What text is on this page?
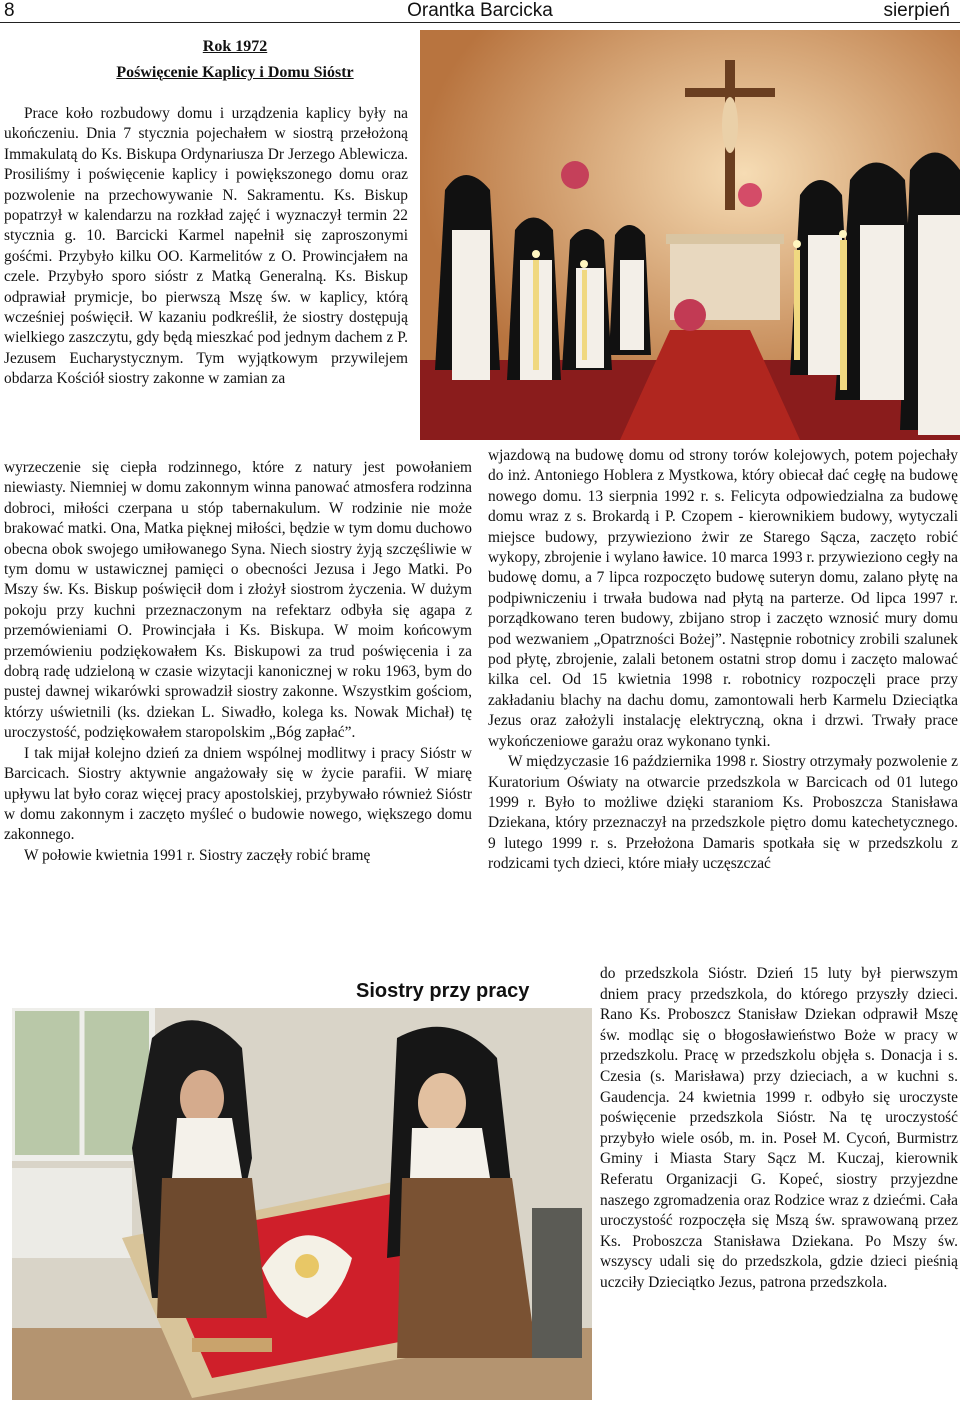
8	Orantka Barcicka	sierpień
Rok 1972
Poświęcenie Kaplicy i Domu Sióstr

Prace koło rozbudowy domu i urządzenia kaplicy były na ukończeniu. Dnia 7 stycznia pojechałem w siostrą przełożoną Immakulatą do Ks. Biskupa Ordynariusza Dr Jerzego Ablewicza. Prosiliśmy i poświęcenie kaplicy i powiększonego domu oraz pozwolenie na przechowywanie N. Sakramentu. Ks. Biskup popatrzył w kalendarzu na rozkład zajęć i wyznaczył termin 22 stycznia g. 10. Barcicki Karmel napełnił się zaproszonymi gośćmi. Przybyło kilku OO. Karmelitów z O. Prowincjałem na czele. Przybyło sporo sióstr z Matką Generalną. Ks. Biskup odprawiał prymicje, bo pierwszą Mszę św. w kaplicy, którą wcześniej poświęcił. W kazaniu podkreślił, że siostry dostępują wielkiego zaszczytu, gdy będą mieszkać pod jednym dachem z P. Jezusem Eucharystycznym. Tym wyjątkowym przywilejem obdarza Kościół siostry zakonne w zamian za

wyrzeczenie się ciepła rodzinnego, które z natury jest powołaniem niewiasty. Niemniej w domu zakonnym winna panować atmosfera rodzinna dobroci, miłości czerpana u stóp tabernakulum. W rodzinie nie może brakować matki. Ona, Matka pięknej miłości, będzie w tym domu duchowo obecna obok swojego umiłowanego Syna. Niech siostry żyją szczęśliwie w tym domu w ustawicznej pamięci o obecności Jezusa i Jego Matki. Po Mszy św. Ks. Biskup poświęcił dom i złożył siostrom życzenia. W dużym pokoju przy kuchni przeznaczonym na refektarz odbyła się agapa z przemówieniami O. Prowincjała i Ks. Biskupa. W moim końcowym przemówieniu podziękowałem Ks. Biskupowi za trud poświęcenia i za dobrą radę udzieloną w czasie wizytacji kanonicznej w roku 1963, bym do pustej dawnej wikarówki sprowadził siostry zakonne. Wszystkim gościom, którzy uświetnili (ks. dziekan L. Siwadło, kolega ks. Nowak Michał) tę uroczystość, podziękowałem staropolskim „Bóg zapłać”.

I tak mijał kolejno dzień za dniem wspólnej modlitwy i pracy Sióstr w Barcicach. Siostry aktywnie angażowały się w życie parafii. W miarę upływu lat było coraz więcej pracy apostolskiej, przybywało również Sióstr w domu zakonnym i zaczęto myśleć o budowie nowego, większego domu zakonnego.

W połowie kwietnia 1991 r. Siostry zaczęły robić bramę

wjazdową na budowę domu od strony torów kolejowych, potem pojechały do inż. Antoniego Hoblera z Mystkowa, który obiecał dać cegłę na budowę nowego domu. 13 sierpnia 1992 r. s. Felicyta odpowiedzialna za budowę domu wraz z s. Brokardą i P. Czopem - kierownikiem budowy, wytyczali miejsce budowy, przywieziono żwir ze Starego Sącza, zaczęto robić wykopy, zbrojenie i wylano ławice. 10 marca 1993 r. przywieziono cegły na budowę domu, a 7 lipca rozpoczęto budowę suteryn domu, zalano płytę na podpiwniczeniu i trwała budowa nad płytą na parterze. Od lipca 1997 r. porządkowano teren budowy, zbijano strop i zaczęto wznosić mury domu pod wezwaniem „Opatrzności Bożej”. Następnie robotnicy zrobili szalunek pod płytę, zbrojenie, zalali betonem ostatni strop domu i zaczęto malować kilka cel. Od 15 kwietnia 1998 r. robotnicy rozpoczęli prace przy zakładaniu blachy na dachu domu, zamontowali herb Karmelu Dzieciątka Jezus oraz założyli instalację elektryczną, okna i drzwi. Trwały prace wykończeniowe garażu oraz wykonano tynki.

W międzyczasie 16 października 1998 r. Siostry otrzymały pozwolenie z Kuratorium Oświaty na otwarcie przedszkola w Barcicach od 01 lutego 1999 r. Było to możliwe dzięki staraniom Ks. Proboszcza Stanisława Dziekana, który przeznaczył na przedszkole piętro domu katechetycznego. 9 lutego 1999 r. s. Przełożona Damaris spotkała się w przedszkolu z rodzicami tych dzieci, które miały uczęszczać

Siostry przy pracy

do przedszkola Sióstr. Dzień 15 luty był pierwszym dniem pracy przedszkola, do którego przyszły dzieci. Rano Ks. Proboszcz Stanisław Dziekan odprawił Mszę św. modląc się o błogosławieństwo Boże w pracy w przedszkolu. Pracę w przedszkolu objęła s. Donacja i s. Czesia (s. Marisława) przy dzieciach, a w kuchni s. Gaudencja. 24 kwietnia 1999 r. odbyło się uroczyste poświęcenie przedszkola Sióstr. Na tę uroczystość przybyło wiele osób, m. in. Poseł M. Cycoń, Burmistrz Gminy i Miasta Stary Sącz M. Kuczaj, kierownik Referatu Organizacji G. Kopeć, siostry przyjezdne naszego zgromadzenia oraz Rodzice wraz z dziećmi. Cała uroczystość rozpoczęła się Mszą św. sprawowaną przez Ks. Proboszcza Stanisława Dziekana. Po Mszy św. wszyscy udali się do przedszkola, gdzie dzieci pieśnią uczciły Dzieciątko Jezus, patrona przedszkola.
